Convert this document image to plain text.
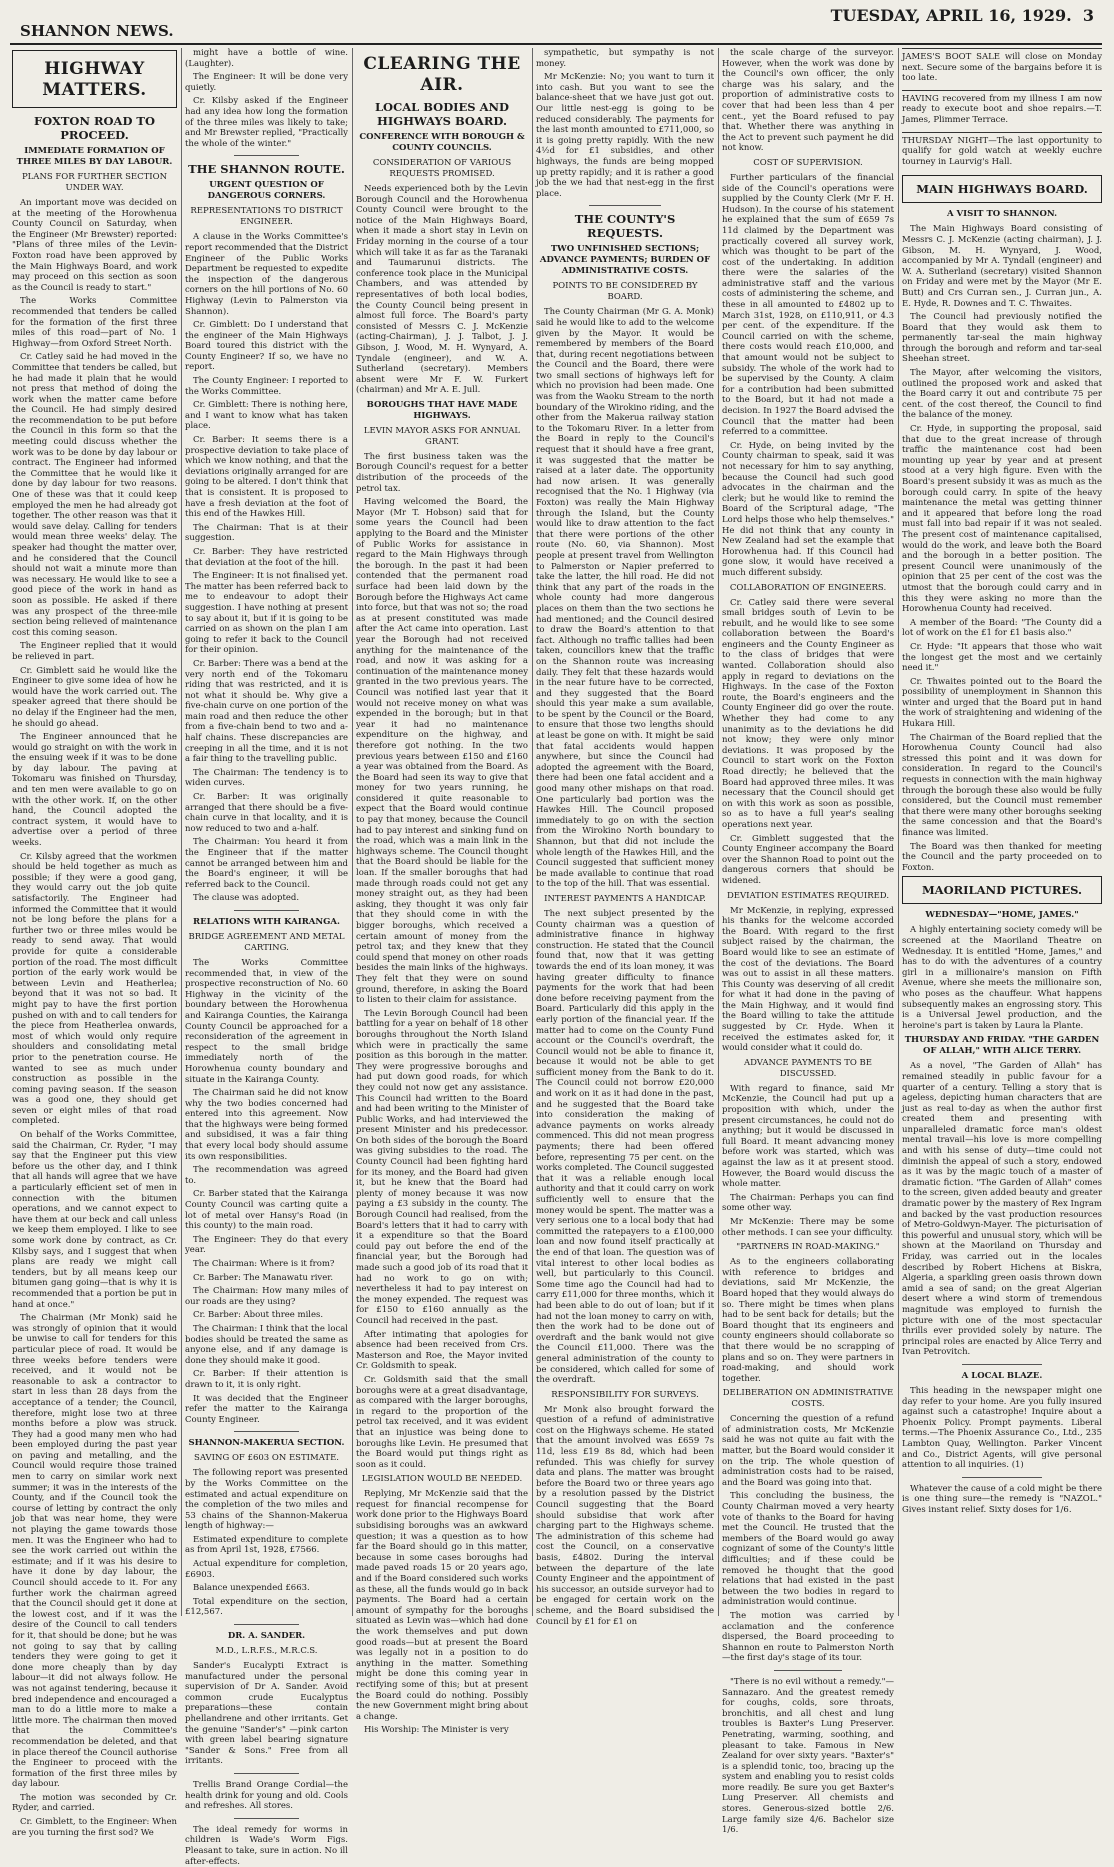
SHANNON NEWS.
TUESDAY, APRIL 16, 1929. 3
HIGHWAY MATTERS.
FOXTON ROAD TO PROCEED.
IMMEDIATE FORMATION OF THREE MILES BY DAY LABOUR.
PLANS FOR FURTHER SECTION UNDER WAY.

An important move was decided on at the meeting of the Horowhenua County Council on Saturday, when the Engineer (Mr Brewster) reported: "Plans of three miles of the Levin-Foxton road have been approved by the Main Highways Board, and work may proceed on this section as soon as the Council is ready to start."

The Works Committee recommended that tenders be called for the formation of the first three miles of this road—part of No. 1 Highway—from Oxford Street North.

Cr. Catley said he had moved in the Committee that tenders be called, but he had made it plain that he would not press that method of doing the work when the matter came before the Council. He had simply desired the recommendation to be put before the Council in this form so that the meeting could discuss whether the work was to be done by day labour or contract. The Engineer had informed the Committee that he would like it done by day labour for two reasons. One of these was that it could keep employed the men he had already got together. The other reason was that it would save delay. Calling for tenders would mean three weeks' delay. The speaker had thought the matter over, and he considered that the Council should not wait a minute more than was necessary. He would like to see a good piece of the work in hand as soon as possible. He asked if there was any prospect of the three-mile section being relieved of maintenance cost this coming season.

The Engineer replied that it would be relieved in part.

Cr. Gimblett said he would like the Engineer to give some idea of how he would have the work carried out. The speaker agreed that there should be no delay if the Engineer had the men, he should go ahead.

The Engineer announced that he would go straight on with the work in the ensuing week if it was to be done by day labour. The paving at Tokomaru was finished on Thursday, and ten men were available to go on with the other work. If, on the other hand, the Council adopted the contract system, it would have to advertise over a period of three weeks.

Cr. Kilsby agreed that the workmen should be held together as much as possible; if they were a good gang, they would carry out the job quite satisfactorily. The Engineer had informed the Committee that it would not be long before the plans for a further two or three miles would be ready to send away. That would provide for quite a considerable portion of the road. The most difficult portion of the early work would be between Levin and Heatherlea; beyond that it was not so bad. It might pay to have the first portion pushed on with and to call tenders for the piece from Heatherlea onwards, most of which would only require shoulders and consolidating metal prior to the penetration course. He wanted to see as much under construction as possible in the coming paving season. If the season was a good one, they should get seven or eight miles of that road completed.

On behalf of the Works Committee, said the Chairman, Cr. Ryder, "I may say that the Engineer put this view before us the other day, and I think that all hands will agree that we have a particularly efficient set of men in connection with the bitumen operations, and we cannot expect to have them at our beck and call unless we keep them employed. I like to see some work done by contract, as Cr. Kilsby says, and I suggest that when plans are ready we might call tenders, but by all means keep our bitumen gang going—that is why it is recommended that a portion be put in hand at once."

The Chairman (Mr Monk) said he was strongly of opinion that it would be unwise to call for tenders for this particular piece of road. It would be three weeks before tenders were received, and it would not be reasonable to ask a contractor to start in less than 28 days from the acceptance of a tender; the Council, therefore, might lose two at three months before a plow was struck. They had a good many men who had been employed during the past year on paving and metalling, and the Council would require those trained men to carry on similar work next summer; it was in the interests of the County, and if the Council took the course of letting by contract the only job that was near home, they were not playing the game towards those men. It was the Engineer who had to see the work carried out within the estimate; and if it was his desire to have it done by day labour, the Council should accede to it. For any further work the chairman agreed that the Council should get it done at the lowest cost, and if it was the desire of the Council to call tenders for it, that should be done; but he was not going to say that by calling tenders they were going to get it done more cheaply than by day labour—it did not always follow. He was not against tendering, because it bred independence and encouraged a man to do a little more to make a little more. The chairman then moved that the Committee's recommendation be deleted, and that in place thereof the Council authorise the Engineer to proceed with the formation of the first three miles by day labour.

The motion was seconded by Cr. Ryder, and carried.

Cr. Gimblett, to the Engineer: When are you turning the first sod? We

might have a bottle of wine. (Laughter).

The Engineer: It will be done very quietly.

Cr. Kilsby asked if the Engineer had any idea how long the formation of the three miles was likely to take; and Mr Brewster replied, "Practically the whole of the winter."

THE SHANNON ROUTE.
URGENT QUESTION OF DANGEROUS CORNERS.
REPRESENTATIONS TO DISTRICT ENGINEER.

A clause in the Works Committee's report recommended that the District Engineer of the Public Works Department be requested to expedite the inspection of the dangerous corners on the hill portions of No. 60 Highway (Levin to Palmerston via Shannon).

Cr. Gimblett: Do I understand that the engineer of the Main Highways Board toured this district with the County Engineer? If so, we have no report.

The County Engineer: I reported to the Works Committee.

Cr. Gimblett: There is nothing here, and I want to know what has taken place.

Cr. Barber: It seems there is a prospective deviation to take place of which we know nothing, and that the deviations originally arranged for are going to be altered. I don't think that that is consistent. It is proposed to have a fresh deviation at the foot of this end of the Hawkes Hill.

The Chairman: That is at their suggestion.

Cr. Barber: They have restricted that deviation at the foot of the hill.

The Engineer: It is not finalised yet. The matter has been referred back to me to endeavour to adopt their suggestion. I have nothing at present to say about it, but if it is going to be carried on as shown on the plan I am going to refer it back to the Council for their opinion.

Cr. Barber: There was a bend at the very north end of the Tokomaru riding that was restricted, and it is not what it should be. Why give a five-chain curve on one portion of the main road and then reduce the other from a five-chain bend to two and a-half chains. These discrepancies are creeping in all the time, and it is not a fair thing to the travelling public.

The Chairman: The tendency is to widen curves.

Cr. Barber: It was originally arranged that there should be a five-chain curve in that locality, and it is now reduced to two and a-half.

The Chairman: You heard it from the Engineer that if the matter cannot be arranged between him and the Board's engineer, it will be referred back to the Council.

The clause was adopted.

RELATIONS WITH KAIRANGA.
BRIDGE AGREEMENT AND METAL CARTING.

The Works Committee recommended that, in view of the prospective reconstruction of No. 60 Highway in the vicinity of the boundary between the Horowhenua and Kairanga Counties, the Kairanga County Council be approached for a reconsideration of the agreement in respect to the small bridge immediately north of the Horowhenua county boundary and situate in the Kairanga County.

The Chairman said he did not know why the two bodies concerned had entered into this agreement. Now that the highways were being formed and subsidised, it was a fair thing that every local body should assume its own responsibilities.

The recommendation was agreed to.

Cr. Barber stated that the Kairanga County Council was carting quite a lot of metal over Hansy's Road (in this county) to the main road.

The Engineer: They do that every year.

The Chairman: Where is it from?

Cr. Barber: The Manawatu river.

The Chairman: How many miles of our roads are they using?

Cr. Barber: About three miles.

The Chairman: I think that the local bodies should be treated the same as anyone else, and if any damage is done they should make it good.

Cr. Barber: If their attention is drawn to it, it is only right.

It was decided that the Engineer refer the matter to the Kairanga County Engineer.

SHANNON-MAKERUA SECTION.
SAVING OF £603 ON ESTIMATE.

The following report was presented by the Works Committee on the estimated and actual expenditure on the completion of the two miles and 53 chains of the Shannon-Makerua length of highway:—

Estimated expenditure to complete as from April 1st, 1928, £7566.

Actual expenditure for completion, £6903.

Balance unexpended £663.

Total expenditure on the section, £12,567.

DR. A. SANDER.
M.D., L.R.F.S., M.R.C.S.

Sander's Eucalypti Extract is manufactured under the personal supervision of Dr A. Sander. Avoid common crude Eucalyptus preparations—these contain phellandrene and other irritants. Get the genuine "Sander's" —pink carton with green label bearing signature "Sander & Sons." Free from all irritants.

Trellis Brand Orange Cordial—the health drink for young and old. Cools and refreshes. All stores.

The ideal remedy for worms in children is Wade's Worm Figs. Pleasant to take, sure in action. No ill after-effects.

CLEARING THE AIR.
LOCAL BODIES AND HIGHWAYS BOARD.
CONFERENCE WITH BOROUGH & COUNTY COUNCILS.
CONSIDERATION OF VARIOUS REQUESTS PROMISED.

Needs experienced both by the Levin Borough Council and the Horowhenua County Council were brought to the notice of the Main Highways Board, when it made a short stay in Levin on Friday morning in the course of a tour which will take it as far as the Taranaki and Taumarunui districts. The conference took place in the Municipal Chambers, and was attended by representatives of both local bodies, the County Council being present in almost full force. The Board's party consisted of Messrs C. J. McKenzie (acting-Chairman), J. J. Talbot, J. J. Gibson, J. Wood, M. H. Wynyard, A. Tyndale (engineer), and W. A. Sutherland (secretary). Members absent were Mr F. W. Furkert (chairman) and Mr A. E. Jull.

BOROUGHS THAT HAVE MADE HIGHWAYS.
LEVIN MAYOR ASKS FOR ANNUAL GRANT.

The first business taken was the Borough Council's request for a better distribution of the proceeds of the petrol tax.

Having welcomed the Board, the Mayor (Mr T. Hobson) said that for some years the Council had been applying to the Board and the Minister of Public Works for assistance in regard to the Main Highways through the borough. In the past it had been contended that the permanent road surface had been laid down by the Borough before the Highways Act came into force, but that was not so; the road as at present constituted was made after the Act came into operation. Last year the Borough had not received anything for the maintenance of the road, and now it was asking for a continuation of the maintenance money granted in the two previous years. The Council was notified last year that it would not receive money on what was expended in the borough; but in that year it had no maintenance expenditure on the highway, and therefore got nothing. In the two previous years between £150 and £160 a year was obtained from the Board. As the Board had seen its way to give that money for two years running, he considered it quite reasonable to expect that the Board would continue to pay that money, because the Council had to pay interest and sinking fund on the road, which was a main link in the highways scheme. The Council thought that the Board should be liable for the loan. If the smaller boroughs that had made through roads could not get any money straight out, as they had been asking, they thought it was only fair that they should come in with the bigger boroughs, which received a certain amount of money from the petrol tax; and they knew that they could spend that money on other roads besides the main links of the highways. They felt that they were on sound ground, therefore, in asking the Board to listen to their claim for assistance.

The Levin Borough Council had been battling for a year on behalf of 18 other boroughs throughout the North Island which were in practically the same position as this borough in the matter. They were progressive boroughs and had put down good roads, for which they could not now get any assistance. This Council had written to the Board and had been writing to the Minister of Public Works, and had interviewed the present Minister and his predecessor. On both sides of the borough the Board was giving subsidies to the road. The County Council had been fighting hard for its money, and the Board had given it, but he knew that the Board had plenty of money because it was now paying a £3 subsidy in the county. The Borough Council had realised, from the Board's letters that it had to carry with it a expenditure so that the Board could pay out before the end of the financial year, but the Borough had made such a good job of its road that it had no work to go on with; nevertheless it had to pay interest on the money expended. The request was for £150 to £160 annually as the Council had received in the past.

After intimating that apologies for absence had been received from Crs. Masterson and Roe, the Mayor invited Cr. Goldsmith to speak.

Cr. Goldsmith said that the small boroughs were at a great disadvantage, as compared with the larger boroughs, in regard to the proportion of the petrol tax received, and it was evident that an injustice was being done to boroughs like Levin. He presumed that the Board would put things right as soon as it could.

LEGISLATION WOULD BE NEEDED.

Replying, Mr McKenzie said that the request for financial recompense for work done prior to the Highways Board subsidising boroughs was an awkward question; it was a question as to how far the Board should go in this matter, because in some cases boroughs had made paved roads 15 or 20 years ago, and if the Board considered such works as these, all the funds would go in back payments. The Board had a certain amount of sympathy for the boroughs situated as Levin was—which had done the work themselves and put down good roads—but at present the Board was legally not in a position to do anything in the matter. Something might be done this coming year in rectifying some of this; but at present the Board could do nothing. Possibly the new Government might bring about a change.

His Worship: The Minister is very

sympathetic, but sympathy is not money.

Mr McKenzie: No; you want to turn it into cash. But you want to see the balance-sheet that we have just got out. Our little nest-egg is going to be reduced considerably. The payments for the last month amounted to £711,000, so it is going pretty rapidly. With the new 4½d for £1 subsidies, and other highways, the funds are being mopped up pretty rapidly; and it is rather a good job the we had that nest-egg in the first place.

THE COUNTY'S REQUESTS.
TWO UNFINISHED SECTIONS; ADVANCE PAYMENTS; BURDEN OF ADMINISTRATIVE COSTS.
POINTS TO BE CONSIDERED BY BOARD.

The County Chairman (Mr G. A. Monk) said he would like to add to the welcome given by the Mayor. It would be remembered by members of the Board that, during recent negotiations between the Council and the Board, there were two small sections of highways left for which no provision had been made. One was from the Waoku Stream to the north boundary of the Wirokino riding, and the other from the Makerua railway station to the Tokomaru River. In a letter from the Board in reply to the Council's request that it should have a free grant, it was suggested that the matter be raised at a later date. The opportunity had now arisen. It was generally recognised that the No. 1 Highway (via Foxton) was really the Main Highway through the Island, but the County would like to draw attention to the fact that there were portions of the other route (No. 60, via Shannon). Most people at present travel from Wellington to Palmerston or Napier preferred to take the latter, the hill road. He did not think that any part of the roads in the whole county had more dangerous places on them than the two sections he had mentioned; and the Council desired to draw the Board's attention to that fact. Although no traffic tallies had been taken, councillors knew that the traffic on the Shannon route was increasing daily. They felt that these hazards would in the near future have to be corrected, and they suggested that the Board should this year make a sum available, to be spent by the Council or the Board, to ensure that those two lengths should at least be gone on with. It might be said that fatal accidents would happen anywhere, but since the Council had adopted the agreement with the Board, there had been one fatal accident and a good many other mishaps on that road. One particularly bad portion was the Hawkes Hill. The Council proposed immediately to go on with the section from the Wirokino North boundary to Shannon, but that did not include the whole length of the Hawkes Hill, and the Council suggested that sufficient money be made available to continue that road to the top of the hill. That was essential.

INTEREST PAYMENTS A HANDICAP.

The next subject presented by the County chairman was a question of administrative finance in highway construction. He stated that the Council found that, now that it was getting towards the end of its loan money, it was having greater difficulty to finance payments for the work that had been done before receiving payment from the Board. Particularly did this apply in the early portion of the financial year. If the matter had to come on the County Fund account or the Council's overdraft, the Council would not be able to finance it, because it would not be able to get sufficient money from the Bank to do it. The Council could not borrow £20,000 and work on it as it had done in the past, and he suggested that the Board take into consideration the making of advance payments on works already commenced. This did not mean progress payments; there had been offered before, representing 75 per cent. on the works completed. The Council suggested that it was a reliable enough local authority and that it could carry on work sufficiently well to ensure that the money would be spent. The matter was a very serious one to a local body that had committed the ratepayers to a £100,000 loan and now found itself practically at the end of that loan. The question was of vital interest to other local bodies as well, but particularly to this Council. Some time ago the Council had had to carry £11,000 for three months, which it had been able to do out of loan; but if it had not the loan money to carry on with, then the work had to be done out of overdraft and the bank would not give the Council £11,000. There was the general administration of the county to be considered, which called for some of the overdraft.

RESPONSIBILITY FOR SURVEYS.

Mr Monk also brought forward the question of a refund of administrative cost on the Highways scheme. He stated that the amount involved was £659 7s 11d, less £19 8s 8d, which had been refunded. This was chiefly for survey data and plans. The matter was brought before the Board two or three years ago by a resolution passed by the District Council suggesting that the Board should subsidise that work after charging part to the Highways scheme. The administration of this scheme had cost the Council, on a conservative basis, £4802. During the interval between the departure of the late County Engineer and the appointment of his successor, an outside surveyor had to be engaged for certain work on the scheme, and the Board subsidised the Council by £1 for £1 on

the scale charge of the surveyor. However, when the work was done by the Council's own officer, the only charge was his salary, and the proportion of administrative costs to cover that had been less than 4 per cent., yet the Board refused to pay that. Whether there was anything in the Act to prevent such payment he did not know.

COST OF SUPERVISION.

Further particulars of the financial side of the Council's operations were supplied by the County Clerk (Mr F. H. Hudson). In the course of his statement he explained that the sum of £659 7s 11d claimed by the Department was practically covered all survey work, which was thought to be part of the cost of the undertaking. In addition there were the salaries of the administrative staff and the various costs of administering the scheme, and these in all amounted to £4802 up to March 31st, 1928, on £110,911, or 4.3 per cent. of the expenditure. If the Council carried on with the scheme, there costs would reach £10,000, and that amount would not be subject to subsidy. The whole of the work had to be supervised by the County. A claim for a contribution had been submitted to the Board, but it had not made a decision. In 1927 the Board advised the Council that the matter had been referred to a committee.

Cr. Hyde, on being invited by the County chairman to speak, said it was not necessary for him to say anything, because the Council had such good advocates in the chairman and the clerk; but he would like to remind the Board of the Scriptural adage, "The Lord helps those who help themselves." He did not think that any county in New Zealand had set the example that Horowhenua had. If this Council had gone slow, it would have received a much different subsidy.

COLLABORATION OF ENGINEERS.

Cr. Catley said there were several small bridges south of Levin to be rebuilt, and he would like to see some collaboration between the Board's engineers and the County Engineer as to the class of bridges that were wanted. Collaboration should also apply in regard to deviations on the Highways. In the case of the Foxton route, the Board's engineers and the County Engineer did go over the route. Whether they had come to any unanimity as to the deviations he did not know; they were only minor deviations. It was proposed by the Council to start work on the Foxton Road directly; he believed that the Board had approved three miles. It was necessary that the Council should get on with this work as soon as possible, so as to have a full year's sealing operations next year.

Cr. Gimblett suggested that the County Engineer accompany the Board over the Shannon Road to point out the dangerous corners that should be widened.

DEVIATION ESTIMATES REQUIRED.

Mr McKenzie, in replying, expressed his thanks for the welcome accorded the Board. With regard to the first subject raised by the chairman, the Board would like to see an estimate of the cost of the deviations. The Board was out to assist in all these matters. This County was deserving of all credit for what it had done in the paving of the Main Highway, and it would find the Board willing to take the attitude suggested by Cr. Hyde. When it received the estimates asked for, it would consider what it could do.

ADVANCE PAYMENTS TO BE DISCUSSED.

With regard to finance, said Mr McKenzie, the Council had put up a proposition with which, under the present circumstances, he could not do anything; but it would be discussed in full Board. It meant advancing money before work was started, which was against the law as it at present stood. However, the Board would discuss the whole matter.

The Chairman: Perhaps you can find some other way.

Mr McKenzie: There may be some other methods. I can see your difficulty.

"PARTNERS IN ROAD-MAKING."

As to the engineers collaborating with reference to bridges and deviations, said Mr McKenzie, the Board hoped that they would always do so. There might be times when plans had to be sent back for details; but the Board thought that its engineers and county engineers should collaborate so that there would be no scrapping of plans and so on. They were partners in road-making, and should work together.

DELIBERATION ON ADMINISTRATIVE COSTS.

Concerning the question of a refund of administration costs, Mr McKenzie said he was not quite au fait with the matter, but the Board would consider it on the trip. The whole question of administration costs had to be raised, and the Board was going into that.

This concluding the business, the County Chairman moved a very hearty vote of thanks to the Board for having met the Council. He trusted that the members of the Board would go away cognizant of some of the County's little difficulties; and if these could be removed he thought that the good relations that had existed in the past between the two bodies in regard to administration would continue.

The motion was carried by acclamation and the conference dispersed, the Board proceeding to Shannon en route to Palmerston North—the first day's stage of its tour.

"There is no evil without a remedy."—Sannazaro. And the greatest remedy for coughs, colds, sore throats, bronchitis, and all chest and lung troubles is Baxter's Lung Preserver. Penetrating, warming, soothing, and pleasant to take. Famous in New Zealand for over sixty years. "Baxter's" is a splendid tonic, too, bracing up the system and enabling you to resist colds more readily. Be sure you get Baxter's Lung Preserver. All chemists and stores. Generous-sized bottle 2/6. Large family size 4/6. Bachelor size 1/6.

JAMES'S BOOT SALE will close on Monday next. Secure some of the bargains before it is too late.

HAVING recovered from my illness I am now ready to execute boot and shoe repairs.—T. James, Plimmer Terrace.

THURSDAY NIGHT—The last opportunity to qualify for gold watch at weekly euchre tourney in Laurvig's Hall.

MAIN HIGHWAYS BOARD.
A VISIT TO SHANNON.

The Main Highways Board consisting of Messrs C. J. McKenzie (acting chairman), J. J. Gibson, M. H. Wynyard, J. Wood, accompanied by Mr A. Tyndall (engineer) and W. A. Sutherland (secretary) visited Shannon on Friday and were met by the Mayor (Mr E. Butt) and Crs Curran sen., J. Curran jun., A. E. Hyde, R. Downes and T. C. Thwaites.

The Council had previously notified the Board that they would ask them to permanently tar-seal the main highway through the borough and reform and tar-seal Sheehan street.

The Mayor, after welcoming the visitors, outlined the proposed work and asked that the Board carry it out and contribute 75 per cent. of the cost thereof, the Council to find the balance of the money.

Cr. Hyde, in supporting the proposal, said that due to the great increase of through traffic the maintenance cost had been mounting up year by year and at present stood at a very high figure. Even with the Board's present subsidy it was as much as the borough could carry. In spite of the heavy maintenance the metal was getting thinner and it appeared that before long the road must fall into bad repair if it was not sealed. The present cost of maintenance capitalised, would do the work, and leave both the Board and the borough in a better position. The present Council were unanimously of the opinion that 25 per cent of the cost was the utmost that the borough could carry and in this they were asking no more than the Horowhenua County had received.

A member of the Board: "The County did a lot of work on the £1 for £1 basis also."

Cr. Hyde: "It appears that those who wait the longest get the most and we certainly need it."

Cr. Thwaites pointed out to the Board the possibility of unemployment in Shannon this winter and urged that the Board put in hand the work of straightening and widening of the Hukara Hill.

The Chairman of the Board replied that the Horowhenua County Council had also stressed this point and it was down for consideration. In regard to the Council's requests in connection with the main highway through the borough these also would be fully considered, but the Council must remember that there were many other boroughs seeking the same concession and that the Board's finance was limited.

The Board was then thanked for meeting the Council and the party proceeded on to Foxton.

MAORILAND PICTURES.
WEDNESDAY—"HOME, JAMES."

A highly entertaining society comedy will be screened at the Maoriland Theatre on Wednesday. It is entitled "Home, James," and has to do with the adventures of a country girl in a millionaire's mansion on Fifth Avenue, where she meets the millionaire son, who poses as the chauffeur. What happens subsequently makes an engrossing story. This is a Universal Jewel production, and the heroine's part is taken by Laura la Plante.

THURSDAY AND FRIDAY. "THE GARDEN OF ALLAH," WITH ALICE TERRY.

As a novel, "The Garden of Allah" has remained steadily in public favour for a quarter of a century. Telling a story that is ageless, depicting human characters that are just as real to-day as when the author first created them and presenting with unparalleled dramatic force man's oldest mental travail—his love is more compelling and with his sense of duty—time could not diminish the appeal of such a story, endowed as it was by the magic touch of a master of dramatic fiction. "The Garden of Allah" comes to the screen, given added beauty and greater dramatic power by the mastery of Rex Ingram and backed by the vast production resources of Metro-Goldwyn-Mayer. The picturisation of this powerful and unusual story, which will be shown at the Maoriland on Thursday and Friday, was carried out in the locales described by Robert Hichens at Biskra, Algeria, a sparkling green oasis thrown down amid a sea of sand; on the great Algerian desert where a wind storm of tremendous magnitude was employed to furnish the picture with one of the most spectacular thrills ever provided solely by nature. The principal roles are enacted by Alice Terry and Ivan Petrovitch.

A LOCAL BLAZE.

This heading in the newspaper might one day refer to your home. Are you fully insured against such a catastrophe! Inquire about a Phoenix Policy. Prompt payments. Liberal terms.—The Phoenix Assurance Co., Ltd., 235 Lambton Quay, Wellington. Parker Vincent and Co., District Agents, will give personal attention to all inquiries. (1)

Whatever the cause of a cold might be there is one thing sure—the remedy is "NAZOL." Gives instant relief. Sixty doses for 1/6.
